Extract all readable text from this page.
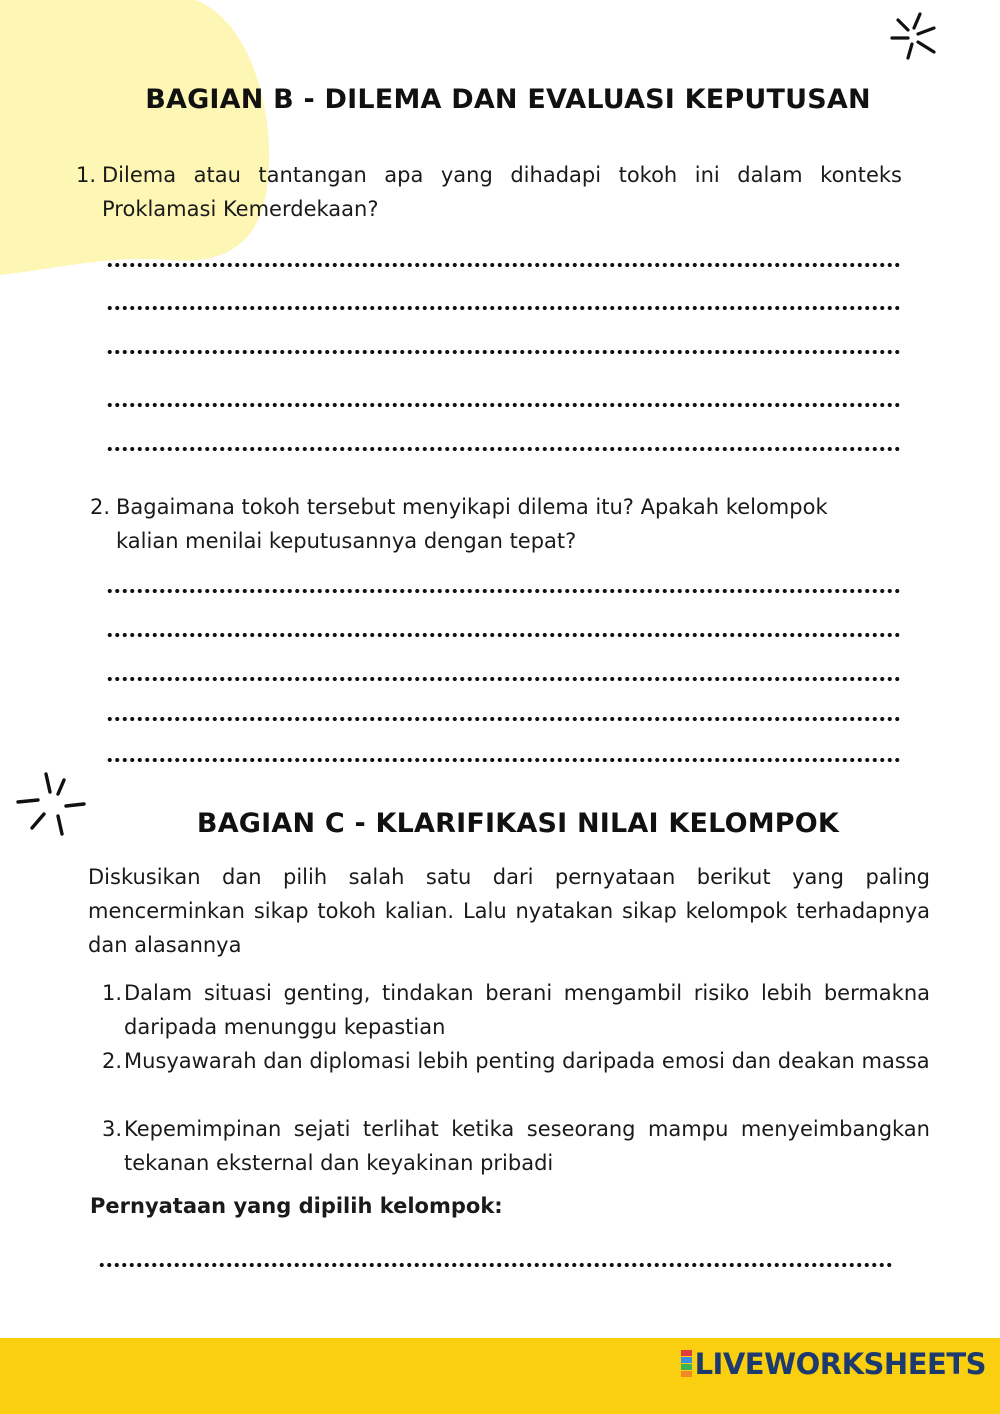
BAGIAN B - DILEMA DAN EVALUASI KEPUTUSAN
1. Dilema atau tantangan apa yang dihadapi tokoh ini dalam konteks Proklamasi Kemerdekaan?
2. Bagaimana tokoh tersebut menyikapi dilema itu? Apakah kelompok kalian menilai keputusannya dengan tepat?
BAGIAN C - KLARIFIKASI NILAI KELOMPOK
Diskusikan dan pilih salah satu dari pernyataan berikut yang paling mencerminkan sikap tokoh kalian. Lalu nyatakan sikap kelompok terhadapnya dan alasannya
1. Dalam situasi genting, tindakan berani mengambil risiko lebih bermakna daripada menunggu kepastian
2. Musyawarah dan diplomasi lebih penting daripada emosi dan deakan massa
3. Kepemimpinan sejati terlihat ketika seseorang mampu menyeimbangkan tekanan eksternal dan keyakinan pribadi
Pernyataan yang dipilih kelompok:
LIVEWORKSHEETS
